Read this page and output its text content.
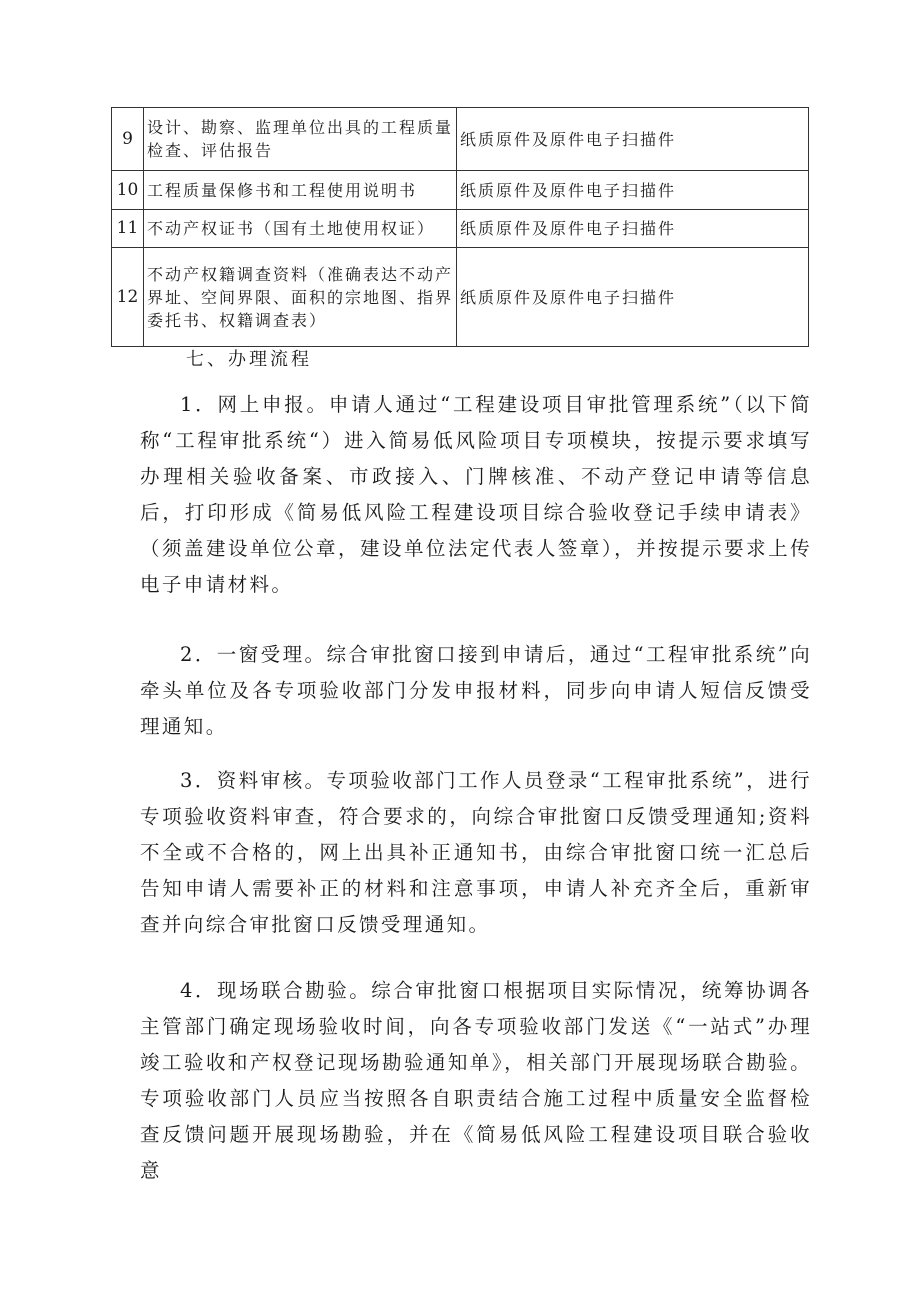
9	设计、勘察、监理单位出具的工程质量检查、评估报告	纸质原件及原件电子扫描件
10	工程质量保修书和工程使用说明书	纸质原件及原件电子扫描件
11	不动产权证书（国有土地使用权证）	纸质原件及原件电子扫描件
12	不动产权籍调查资料（准确表达不动产界址、空间界限、面积的宗地图、指界委托书、权籍调查表）	纸质原件及原件电子扫描件
七、办理流程

1．网上申报。申请人通过“工程建设项目审批管理系统”（以下简称“工程审批系统“）进入简易低风险项目专项模块，按提示要求填写办理相关验收备案、市政接入、门牌核准、不动产登记申请等信息后，打印形成《简易低风险工程建设项目综合验收登记手续申请表》（须盖建设单位公章，建设单位法定代表人签章），并按提示要求上传电子申请材料。

2．一窗受理。综合审批窗口接到申请后，通过“工程审批系统”向牵头单位及各专项验收部门分发申报材料，同步向申请人短信反馈受理通知。

3．资料审核。专项验收部门工作人员登录“工程审批系统”，进行专项验收资料审查，符合要求的，向综合审批窗口反馈受理通知;资料不全或不合格的，网上出具补正通知书，由综合审批窗口统一汇总后告知申请人需要补正的材料和注意事项，申请人补充齐全后，重新审查并向综合审批窗口反馈受理通知。

4．现场联合勘验。综合审批窗口根据项目实际情况，统筹协调各主管部门确定现场验收时间，向各专项验收部门发送《“一站式”办理竣工验收和产权登记现场勘验通知单》，相关部门开展现场联合勘验。专项验收部门人员应当按照各自职责结合施工过程中质量安全监督检查反馈问题开展现场勘验，并在《简易低风险工程建设项目联合验收意
